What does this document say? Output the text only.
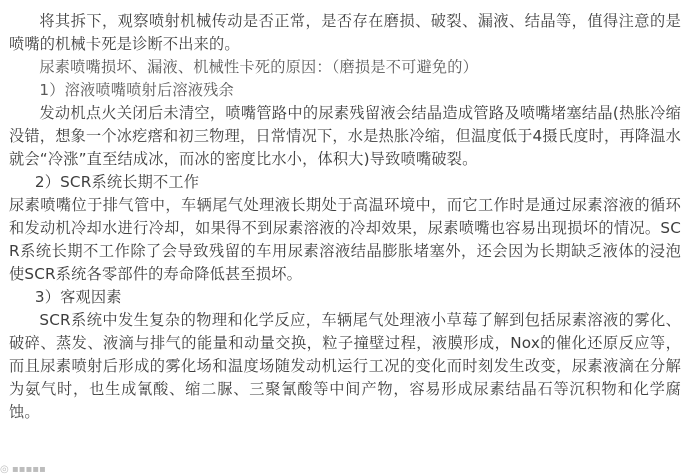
将其拆下，观察喷射机械传动是否正常，是否存在磨损、破裂、漏液、结晶等，值得注意的是喷嘴的机械卡死是诊断不出来的。

尿素喷嘴损坏、漏液、机械性卡死的原因：（磨损是不可避免的）

1）溶液喷嘴喷射后溶液残余

发动机点火关闭后未清空，喷嘴管路中的尿素残留液会结晶造成管路及喷嘴堵塞结晶(热胀冷缩没错，想象一个冰疙瘩和初三物理，日常情况下，水是热胀冷缩，但温度低于4摄氏度时，再降温水就会“冷涨”直至结成冰，而冰的密度比水小，体积大)导致喷嘴破裂。

2）SCR系统长期不工作

尿素喷嘴位于排气管中，车辆尾气处理液长期处于高温环境中，而它工作时是通过尿素溶液的循环和发动机冷却水进行冷却，如果得不到尿素溶液的冷却效果，尿素喷嘴也容易出现损坏的情况。SCR系统长期不工作除了会导致残留的车用尿素溶液结晶膨胀堵塞外，还会因为长期缺乏液体的浸泡使SCR系统各零部件的寿命降低甚至损坏。

3）客观因素

SCR系统中发生复杂的物理和化学反应，车辆尾气处理液小草莓了解到包括尿素溶液的雾化、破碎、蒸发、液滴与排气的能量和动量交换，粒子撞壁过程，液膜形成，Nox的催化还原反应等，而且尿素喷射后形成的雾化场和温度场随发动机运行工况的变化而时刻发生改变，尿素液滴在分解为氨气时，也生成氰酸、缩二脲、三聚氰酸等中间产物，容易形成尿素结晶石等沉积物和化学腐蚀。

◎ ▪▪▪▪▪
